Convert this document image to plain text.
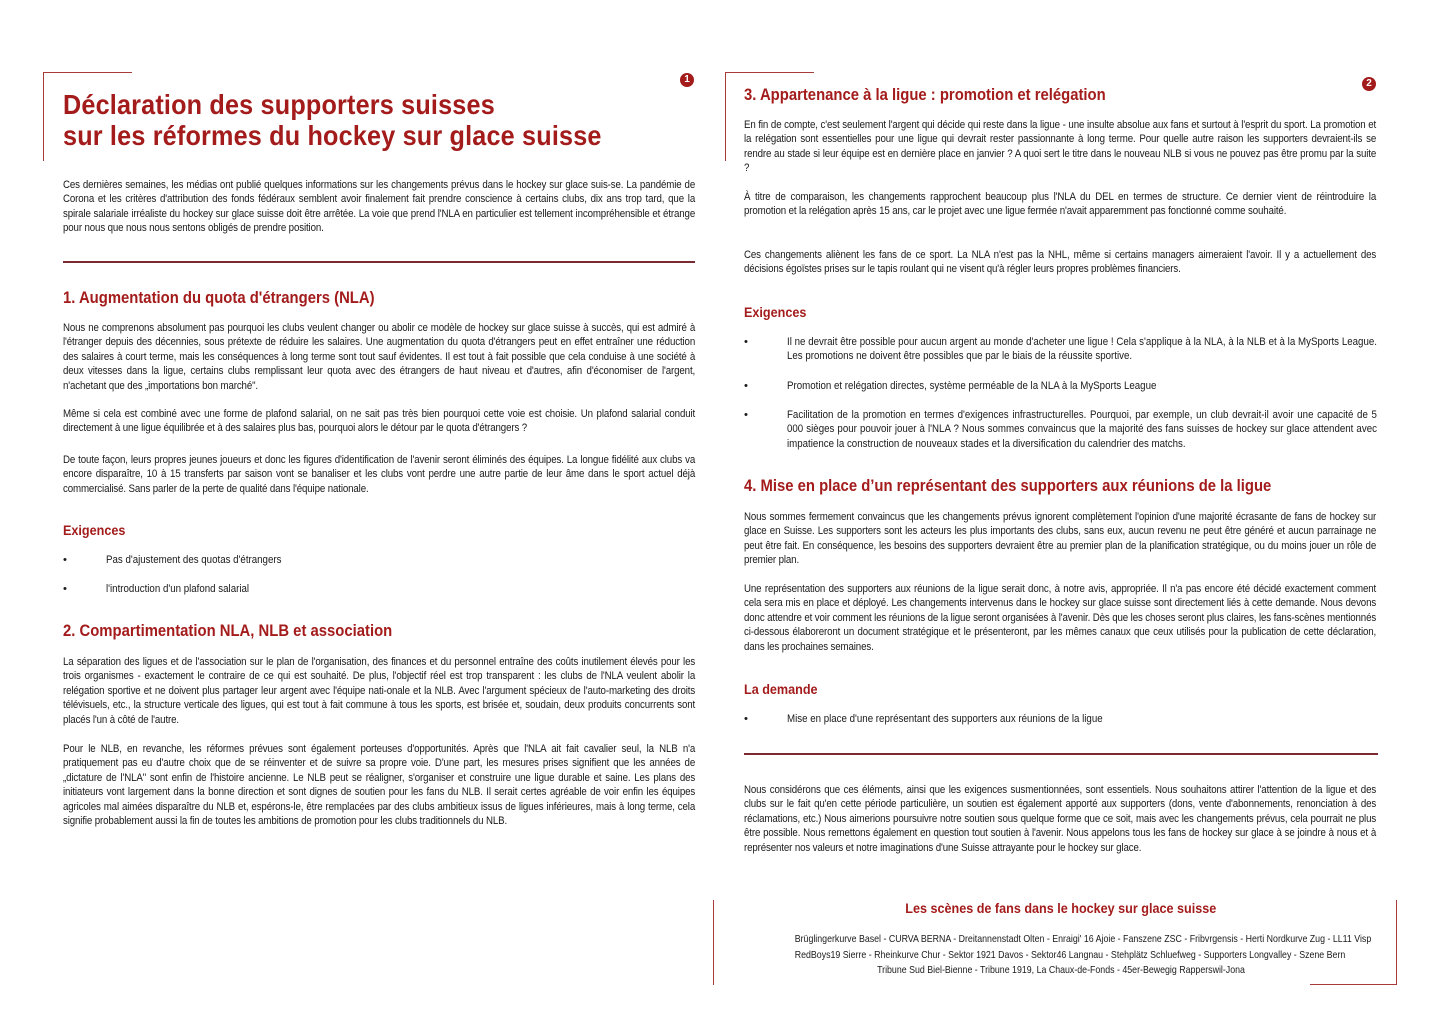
1
Déclaration des supporters suisses
sur les réformes du hockey sur glace suisse
Ces dernières semaines, les médias ont publié quelques informations sur les changements prévus dans le hockey sur glace suis-se. La pandémie de Corona et les critères d'attribution des fonds fédéraux semblent avoir finalement fait prendre conscience à certains clubs, dix ans trop tard, que la spirale salariale irréaliste du hockey sur glace suisse doit être arrêtée. La voie que prend l'NLA en particulier est tellement incompréhensible et étrange pour nous que nous nous sentons obligés de prendre position.
1. Augmentation du quota d'étrangers (NLA)
Nous ne comprenons absolument pas pourquoi les clubs veulent changer ou abolir ce modèle de hockey sur glace suisse à succès, qui est admiré à l'étranger depuis des décennies, sous prétexte de réduire les salaires. Une augmentation du quota d'étrangers peut en effet entraîner une réduction des salaires à court terme, mais les conséquences à long terme sont tout sauf évidentes. Il est tout à fait possible que cela conduise à une société à deux vitesses dans la ligue, certains clubs remplissant leur quota avec des étrangers de haut niveau et d'autres, afin d'économiser de l'argent, n'achetant que des „importations bon marché".
Même si cela est combiné avec une forme de plafond salarial, on ne sait pas très bien pourquoi cette voie est choisie. Un plafond salarial conduit directement à une ligue équilibrée et à des salaires plus bas, pourquoi alors le détour par le quota d'étrangers ?
De toute façon, leurs propres jeunes joueurs et donc les figures d'identification de l'avenir seront éliminés des équipes. La longue fidélité aux clubs va encore disparaître, 10 à 15 transferts par saison vont se banaliser et les clubs vont perdre une autre partie de leur âme dans le sport actuel déjà commercialisé. Sans parler de la perte de qualité dans l'équipe nationale.
Exigences
•	Pas d'ajustement des quotas d'étrangers
•	l'introduction d'un plafond salarial
2. Compartimentation NLA, NLB et association
La séparation des ligues et de l'association sur le plan de l'organisation, des finances et du personnel entraîne des coûts inutilement élevés pour les trois organismes - exactement le contraire de ce qui est souhaité. De plus, l'objectif réel est trop transparent : les clubs de l'NLA veulent abolir la relégation sportive et ne doivent plus partager leur argent avec l'équipe nati-onale et la NLB. Avec l'argument spécieux de l'auto-marketing des droits télévisuels, etc., la structure verticale des ligues, qui est tout à fait commune à tous les sports, est brisée et, soudain, deux produits concurrents sont placés l'un à côté de l'autre.
Pour le NLB, en revanche, les réformes prévues sont également porteuses d'opportunités. Après que l'NLA ait fait cavalier seul, la NLB n'a pratiquement pas eu d'autre choix que de se réinventer et de suivre sa propre voie. D'une part, les mesures prises signifient que les années de „dictature de l'NLA" sont enfin de l'histoire ancienne. Le NLB peut se réaligner, s'organiser et construire une ligue durable et saine. Les plans des initiateurs vont largement dans la bonne direction et sont dignes de soutien pour les fans du NLB. Il serait certes agréable de voir enfin les équipes agricoles mal aimées disparaître du NLB et, espérons-le, être remplacées par des clubs ambitieux issus de ligues inférieures, mais à long terme, cela signifie probablement aussi la fin de toutes les ambitions de promotion pour les clubs traditionnels du NLB.
2
3. Appartenance à la ligue : promotion et relégation
En fin de compte, c'est seulement l'argent qui décide qui reste dans la ligue - une insulte absolue aux fans et surtout à l'esprit du sport. La promotion et la relégation sont essentielles pour une ligue qui devrait rester passionnante à long terme. Pour quelle autre raison les supporters devraient-ils se rendre au stade si leur équipe est en dernière place en janvier ? A quoi sert le titre dans le nouveau NLB si vous ne pouvez pas être promu par la suite ?
À titre de comparaison, les changements rapprochent beaucoup plus l'NLA du DEL en termes de structure. Ce dernier vient de réintroduire la promotion et la relégation après 15 ans, car le projet avec une ligue fermée n'avait apparemment pas fonctionné comme souhaité.
Ces changements aliènent les fans de ce sport. La NLA n'est pas la NHL, même si certains managers aimeraient l'avoir. Il y a actuellement des décisions égoïstes prises sur le tapis roulant qui ne visent qu'à régler leurs propres problèmes financiers.
Exigences
•	Il ne devrait être possible pour aucun argent au monde d'acheter une ligue ! Cela s'applique à la NLA, à la NLB et à la MySports League. Les promotions ne doivent être possibles que par le biais de la réussite sportive.
•	Promotion et relégation directes, système perméable de la NLA à la MySports League
•	Facilitation de la promotion en termes d'exigences infrastructurelles. Pourquoi, par exemple, un club devrait-il avoir une capacité de 5 000 sièges pour pouvoir jouer à l'NLA ? Nous sommes convaincus que la majorité des fans suisses de hockey sur glace attendent avec impatience la construction de nouveaux stades et la diversification du calendrier des matchs.
4. Mise en place d’un représentant des supporters aux réunions de la ligue
Nous sommes fermement convaincus que les changements prévus ignorent complètement l'opinion d'une majorité écrasante de fans de hockey sur glace en Suisse. Les supporters sont les acteurs les plus importants des clubs, sans eux, aucun revenu ne peut être généré et aucun parrainage ne peut être fait. En conséquence, les besoins des supporters devraient être au premier plan de la planification stratégique, ou du moins jouer un rôle de premier plan.
Une représentation des supporters aux réunions de la ligue serait donc, à notre avis, appropriée. Il n'a pas encore été décidé exactement comment cela sera mis en place et déployé. Les changements intervenus dans le hockey sur glace suisse sont directement liés à cette demande. Nous devons donc attendre et voir comment les réunions de la ligue seront organisées à l'avenir. Dès que les choses seront plus claires, les fans-scènes mentionnés ci-dessous élaboreront un document stratégique et le présenteront, par les mêmes canaux que ceux utilisés pour la publication de cette déclaration, dans les prochaines semaines.
La demande
•	Mise en place d'une représentant des supporters aux réunions de la ligue
Nous considérons que ces éléments, ainsi que les exigences susmentionnées, sont essentiels. Nous souhaitons attirer l'attention de la ligue et des clubs sur le fait qu'en cette période particulière, un soutien est également apporté aux supporters (dons, vente d'abonnements, renonciation à des réclamations, etc.) Nous aimerions poursuivre notre soutien sous quelque forme que ce soit, mais avec les changements prévus, cela pourrait ne plus être possible. Nous remettons également en question tout soutien à l'avenir. Nous appelons tous les fans de hockey sur glace à se joindre à nous et à représenter nos valeurs et notre imaginations d'une Suisse attrayante pour le hockey sur glace.
Les scènes de fans dans le hockey sur glace suisse
Brüglingerkurve Basel - CURVA BERNA - Dreitannenstadt Olten - Enraigi' 16 Ajoie - Fanszene ZSC - Fribvrgensis - Herti Nordkurve Zug - LL11 Visp
RedBoys19 Sierre - Rheinkurve Chur - Sektor 1921 Davos - Sektor46 Langnau - Stehplätz Schluefweg - Supporters Longvalley - Szene Bern
Tribune Sud Biel-Bienne - Tribune 1919, La Chaux-de-Fonds - 45er-Bewegig Rapperswil-Jona
